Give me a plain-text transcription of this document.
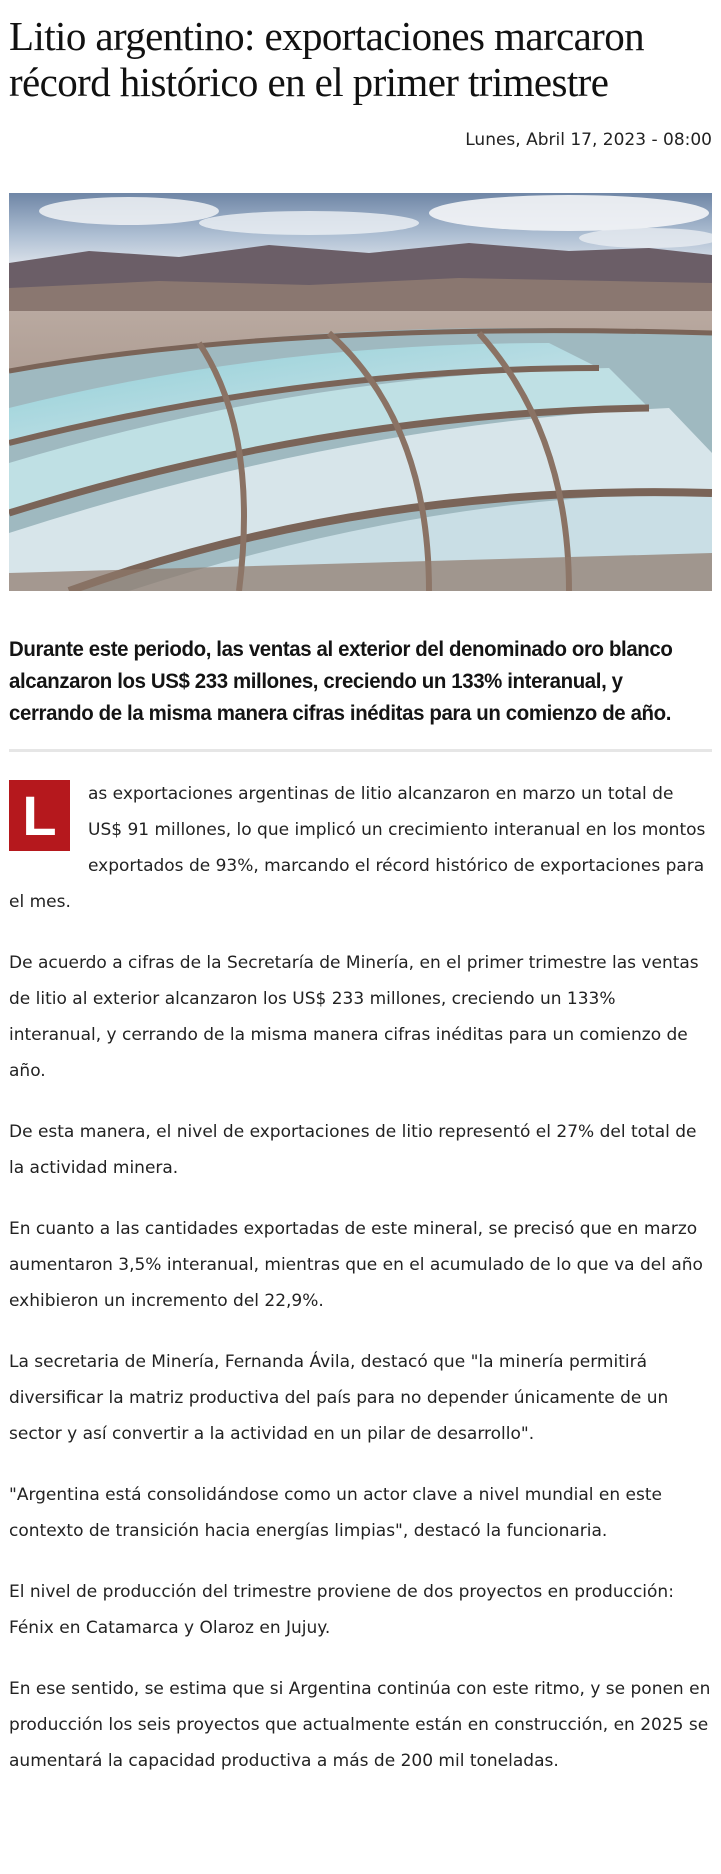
Litio argentino: exportaciones marcaron récord histórico en el primer trimestre
Lunes, Abril 17, 2023 - 08:00
Durante este periodo, las ventas al exterior del denominado oro blanco alcanzaron los US$ 233 millones, creciendo un 133% interanual, y cerrando de la misma manera cifras inéditas para un comienzo de año.

L	as exportaciones argentinas de litio alcanzaron en marzo un total de US$ 91 millones, lo que implicó un crecimiento interanual en los montos exportados de 93%, marcando el récord histórico de exportaciones para el mes.

De acuerdo a cifras de la Secretaría de Minería, en el primer trimestre las ventas de litio al exterior alcanzaron los US$ 233 millones, creciendo un 133% interanual, y cerrando de la misma manera cifras inéditas para un comienzo de año.

De esta manera, el nivel de exportaciones de litio representó el 27% del total de la actividad minera.

En cuanto a las cantidades exportadas de este mineral, se precisó que en marzo aumentaron 3,5% interanual, mientras que en el acumulado de lo que va del año exhibieron un incremento del 22,9%.

La secretaria de Minería, Fernanda Ávila, destacó que "la minería permitirá diversificar la matriz productiva del país para no depender únicamente de un sector y así convertir a la actividad en un pilar de desarrollo".

"Argentina está consolidándose como un actor clave a nivel mundial en este contexto de transición hacia energías limpias", destacó la funcionaria.

El nivel de producción del trimestre proviene de dos proyectos en producción: Fénix en Catamarca y Olaroz en Jujuy.

En ese sentido, se estima que si Argentina continúa con este ritmo, y se ponen en producción los seis proyectos que actualmente están en construcción, en 2025 se aumentará la capacidad productiva a más de 200 mil toneladas.
